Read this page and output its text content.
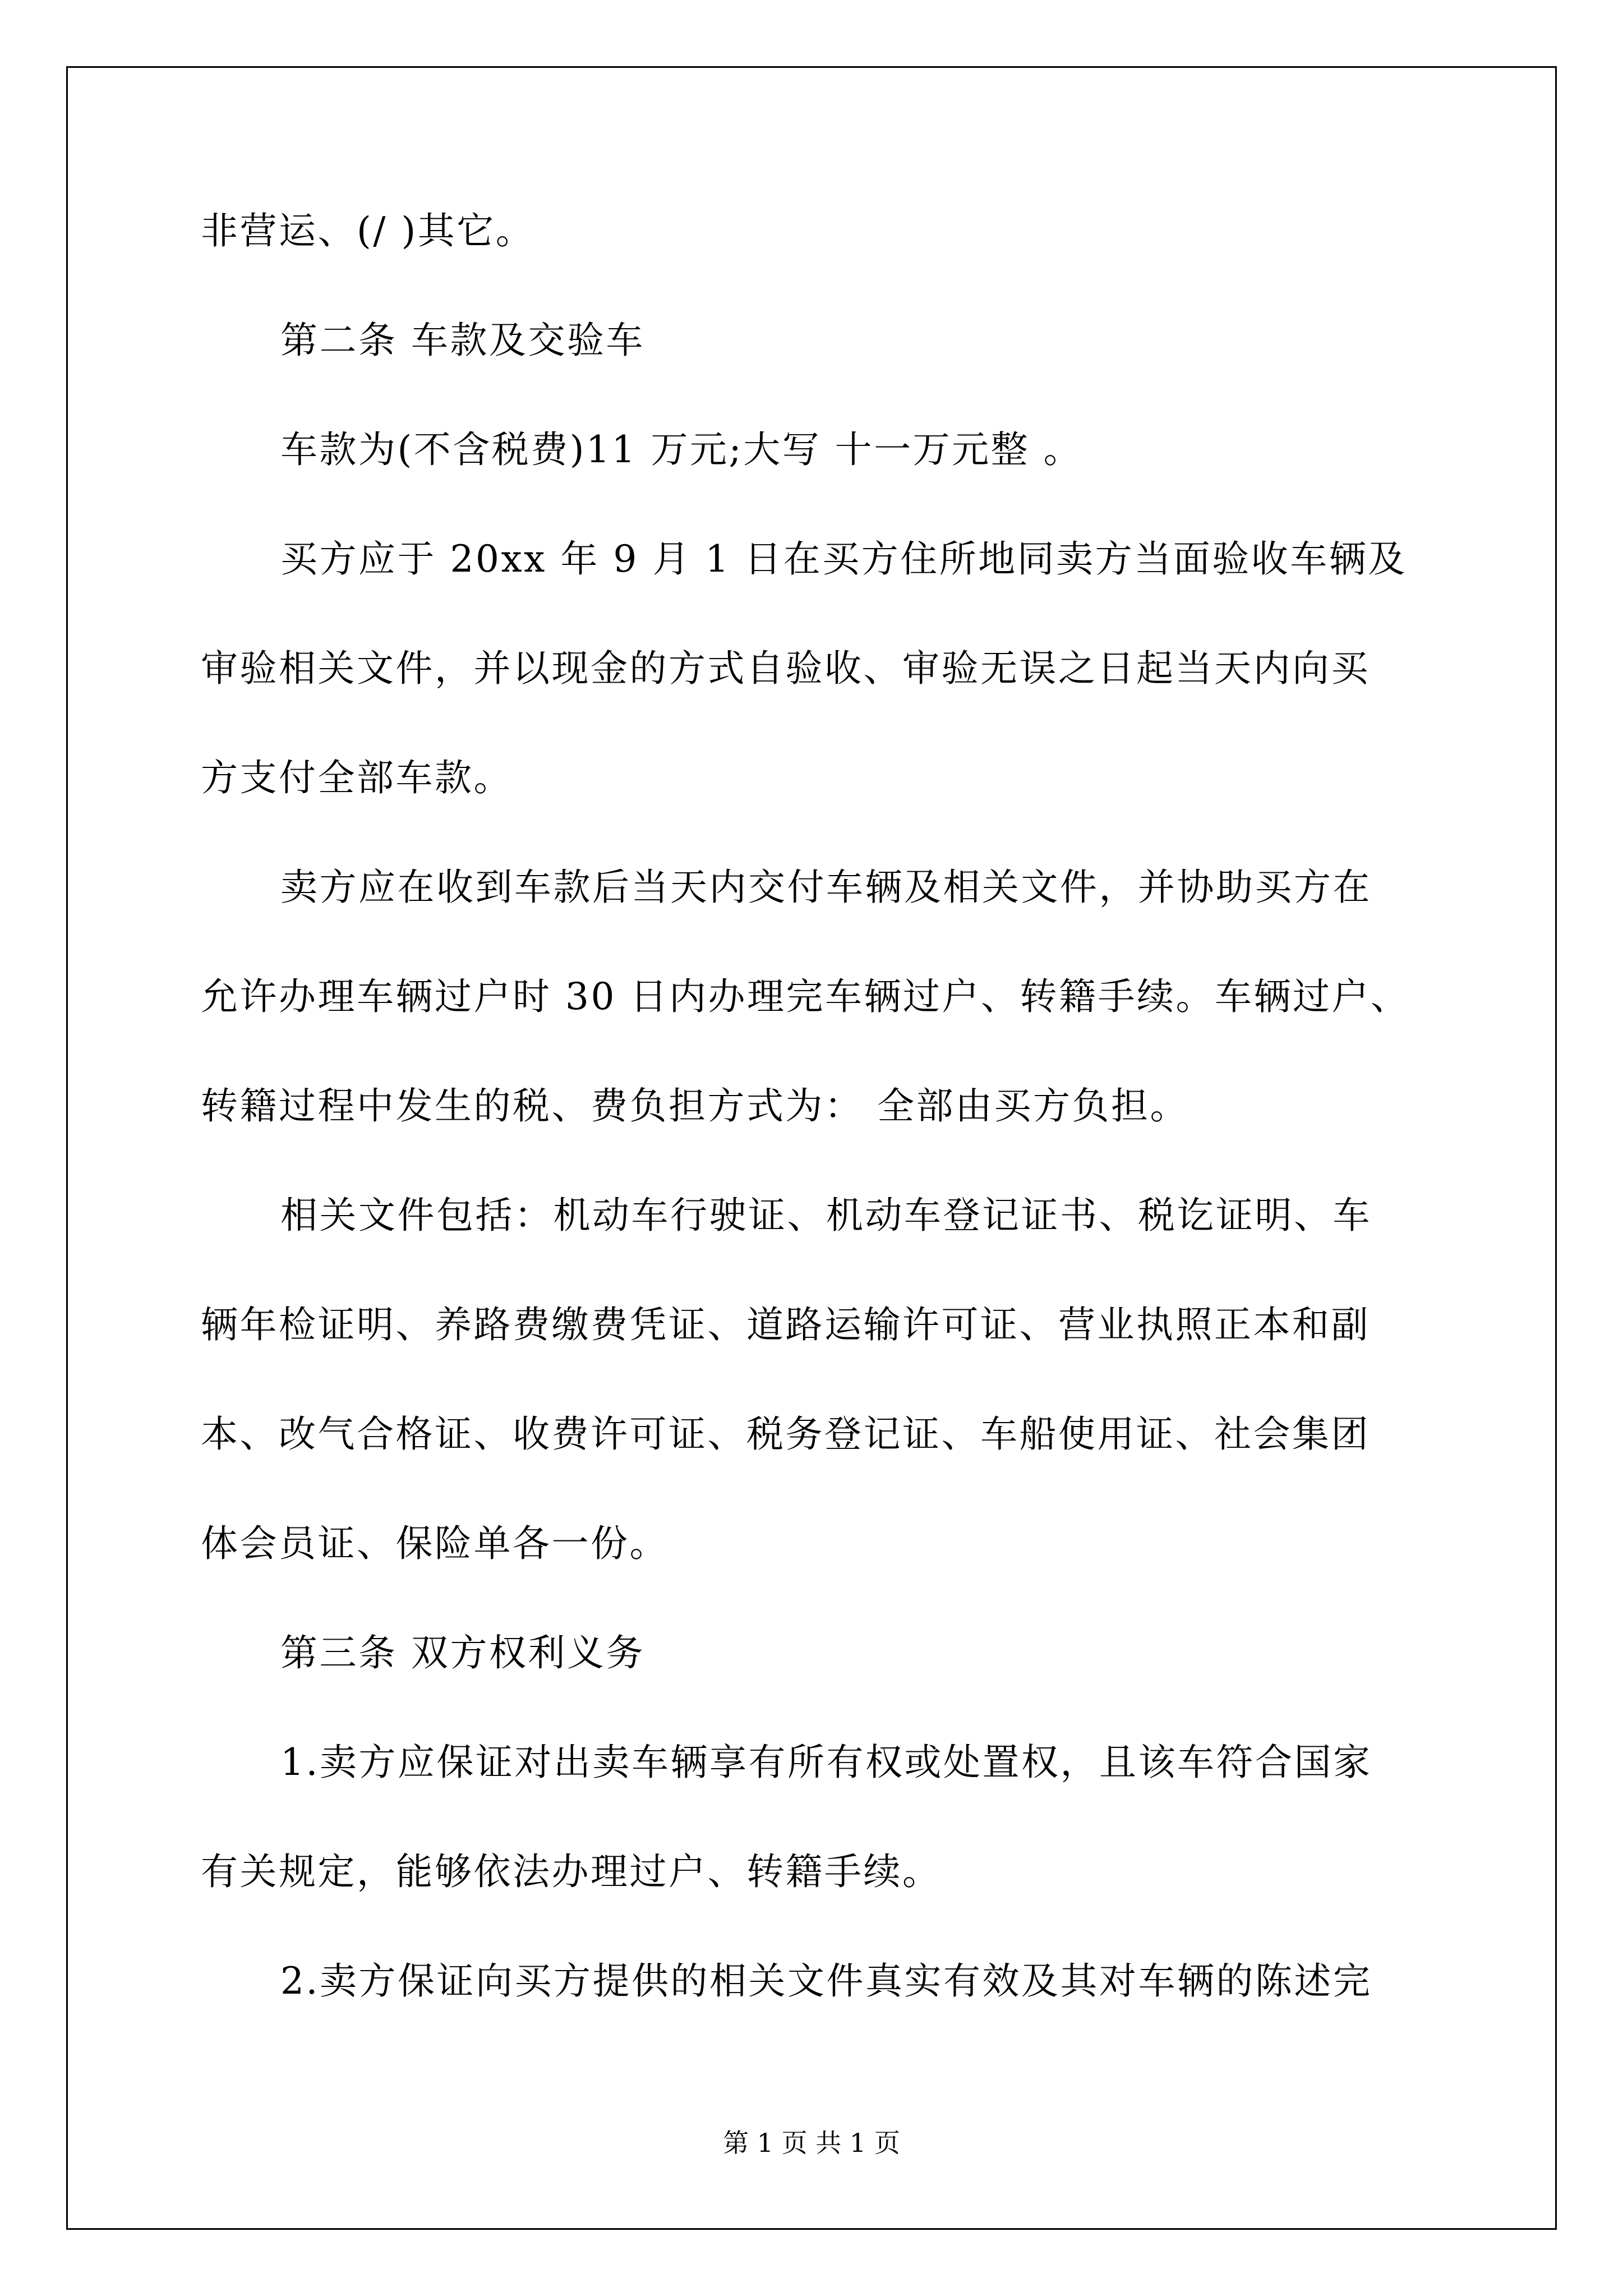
非营运、(/ )其它。

第二条 车款及交验车

车款为(不含税费)11 万元;大写 十一万元整 。

买方应于 20xx 年 9 月 1 日在买方住所地同卖方当面验收车辆及

审验相关文件，并以现金的方式自验收、审验无误之日起当天内向买

方支付全部车款。

卖方应在收到车款后当天内交付车辆及相关文件，并协助买方在

允许办理车辆过户时 30 日内办理完车辆过户、转籍手续。车辆过户、

转籍过程中发生的税、费负担方式为： 全部由买方负担。

相关文件包括：机动车行驶证、机动车登记证书、税讫证明、车

辆年检证明、养路费缴费凭证、道路运输许可证、营业执照正本和副

本、改气合格证、收费许可证、税务登记证、车船使用证、社会集团

体会员证、保险单各一份。

第三条 双方权利义务

1.卖方应保证对出卖车辆享有所有权或处置权，且该车符合国家

有关规定，能够依法办理过户、转籍手续。

2.卖方保证向买方提供的相关文件真实有效及其对车辆的陈述完

第 1 页 共 1 页
